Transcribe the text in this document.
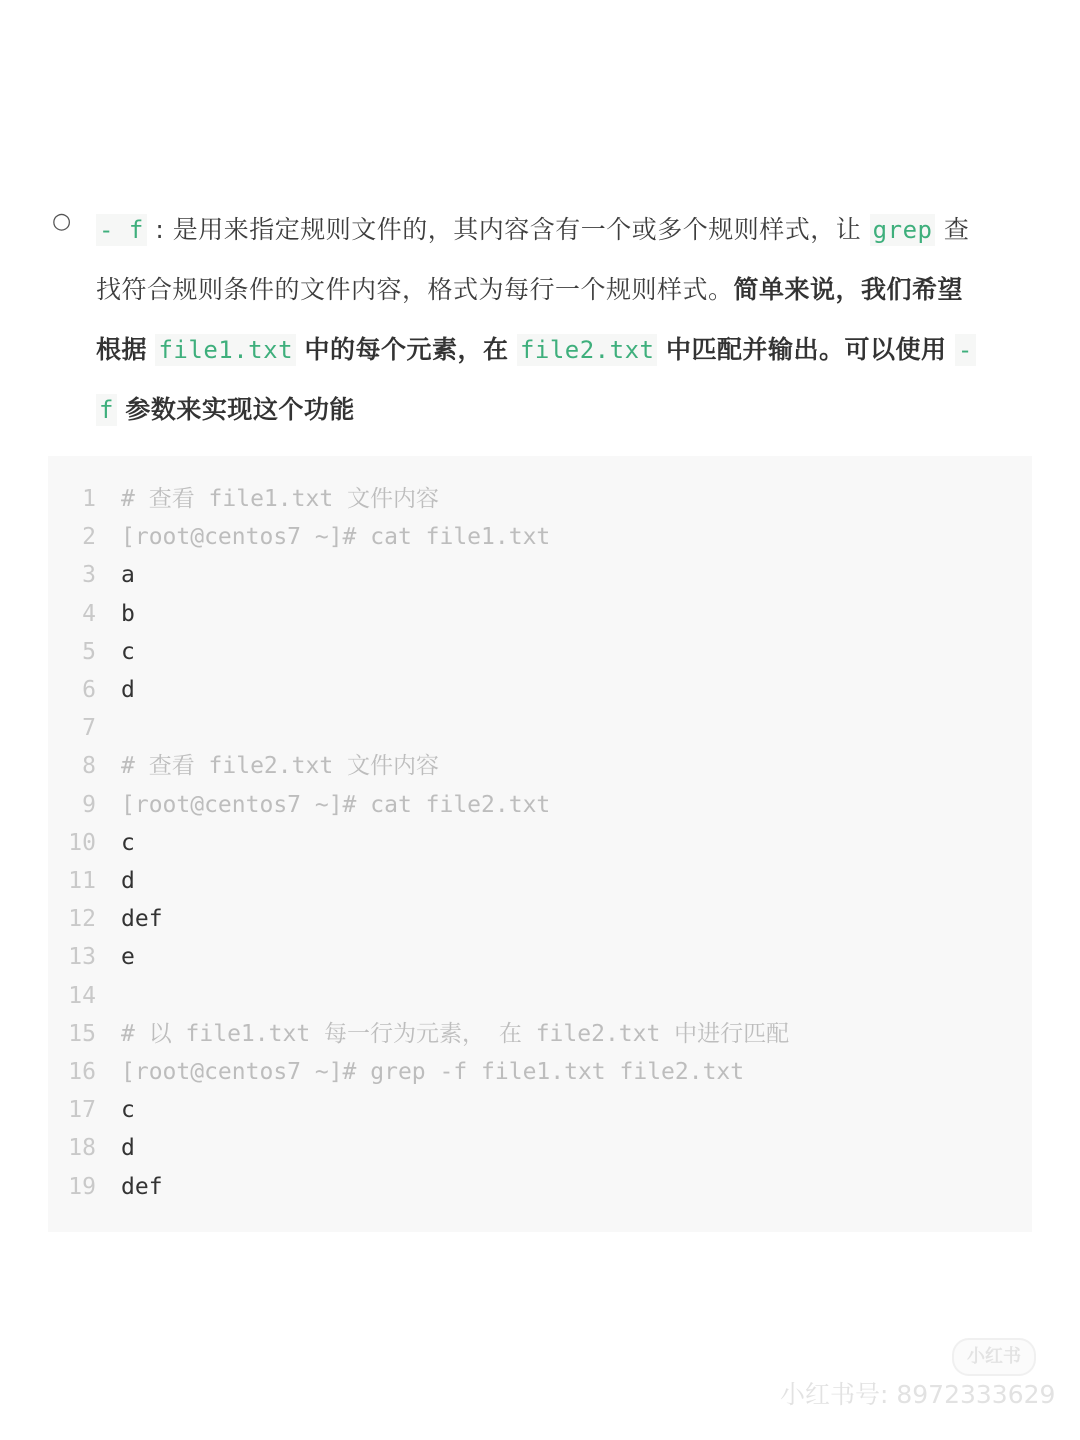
○ - f : 是用来指定规则文件的，其内容含有一个或多个规则样式，让 grep 查
找符合规则条件的文件内容，格式为每行一个规则样式。简单来说，我们希望
根据 file1.txt 中的每个元素，在 file2.txt 中匹配并输出。可以使用 -
f 参数来实现这个功能
1 # 查看 file1.txt 文件内容
2 [root@centos7 ~]# cat file1.txt
3 a
4 b
5 c
6 d
7
8 # 查看 file2.txt 文件内容
9 [root@centos7 ~]# cat file2.txt
10 c
11 d
12 def
13 e
14
15 # 以 file1.txt 每一行为元素， 在 file2.txt 中进行匹配
16 [root@centos7 ~]# grep -f file1.txt file2.txt
17 c
18 d
19 def
小红书
小红书号: 8972333629
